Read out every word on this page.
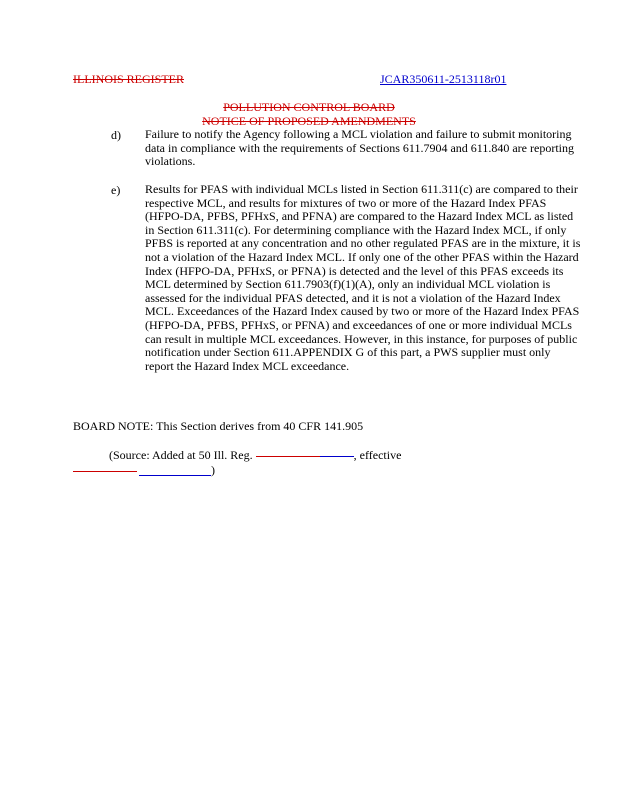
ILLINOIS REGISTER	JCAR350611-2513118r01
POLLUTION CONTROL BOARD
NOTICE OF PROPOSED AMENDMENTS
d) Failure to notify the Agency following a MCL violation and failure to submit monitoring data in compliance with the requirements of Sections 611.7904 and 611.840 are reporting violations.
e) Results for PFAS with individual MCLs listed in Section 611.311(c) are compared to their respective MCL, and results for mixtures of two or more of the Hazard Index PFAS (HFPO-DA, PFBS, PFHxS, and PFNA) are compared to the Hazard Index MCL as listed in Section 611.311(c). For determining compliance with the Hazard Index MCL, if only PFBS is reported at any concentration and no other regulated PFAS are in the mixture, it is not a violation of the Hazard Index MCL. If only one of the other PFAS within the Hazard Index (HFPO-DA, PFHxS, or PFNA) is detected and the level of this PFAS exceeds its MCL determined by Section 611.7903(f)(1)(A), only an individual MCL violation is assessed for the individual PFAS detected, and it is not a violation of the Hazard Index MCL. Exceedances of the Hazard Index caused by two or more of the Hazard Index PFAS (HFPO-DA, PFBS, PFHxS, or PFNA) and exceedances of one or more individual MCLs can result in multiple MCL exceedances. However, in this instance, for purposes of public notification under Section 611.APPENDIX G of this part, a PWS supplier must only report the Hazard Index MCL exceedance.
BOARD NOTE: This Section derives from 40 CFR 141.905
(Source: Added at 50 Ill. Reg.	, effective
)
